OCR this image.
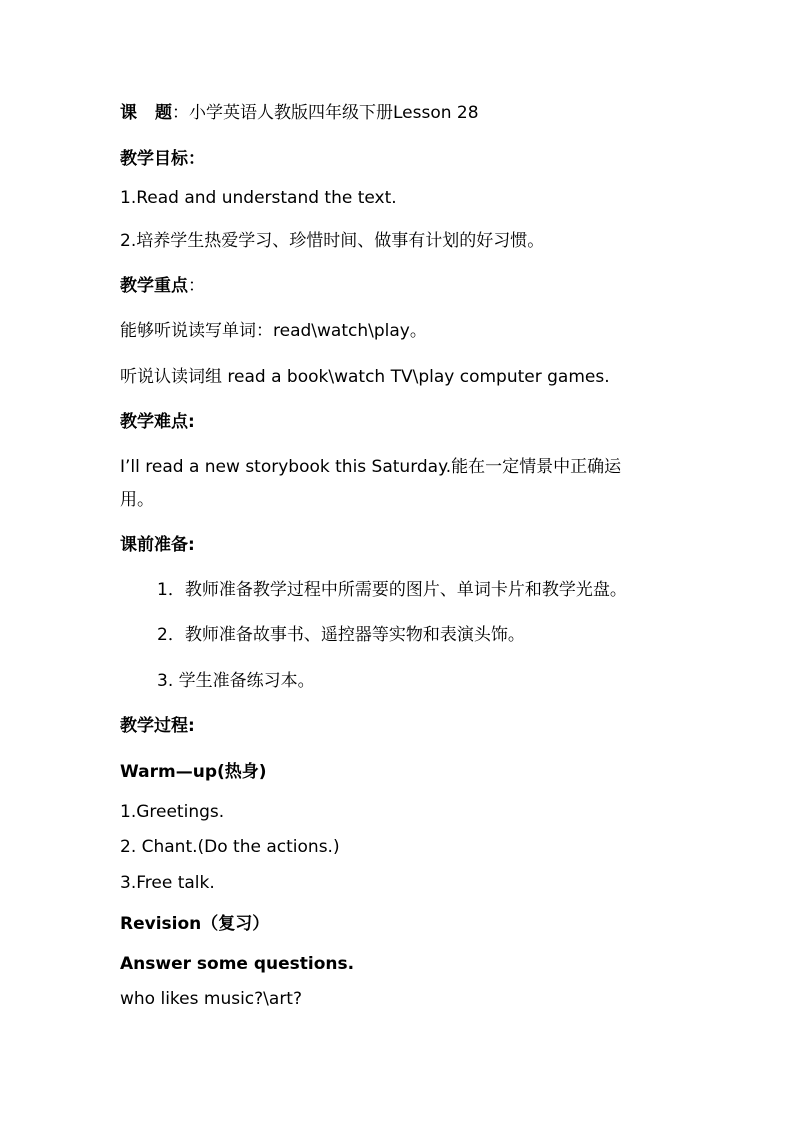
课 题：小学英语人教版四年级下册Lesson 28
教学目标：
1.Read and understand the text.
2.培养学生热爱学习、珍惜时间、做事有计划的好习惯。
教学重点：
能够听说读写单词：read\watch\play。
听说认读词组 read a book\watch TV\play computer games.
教学难点:
I’ll read a new storybook this Saturday.能在一定情景中正确运
用。
课前准备:
1．教师准备教学过程中所需要的图片、单词卡片和教学光盘。
2．教师准备故事书、遥控器等实物和表演头饰。
3. 学生准备练习本。
教学过程:
Warm—up(热身)
1.Greetings.
2. Chant.(Do the actions.)
3.Free talk.
Revision（复习）
Answer some questions.
who likes music?\art?
